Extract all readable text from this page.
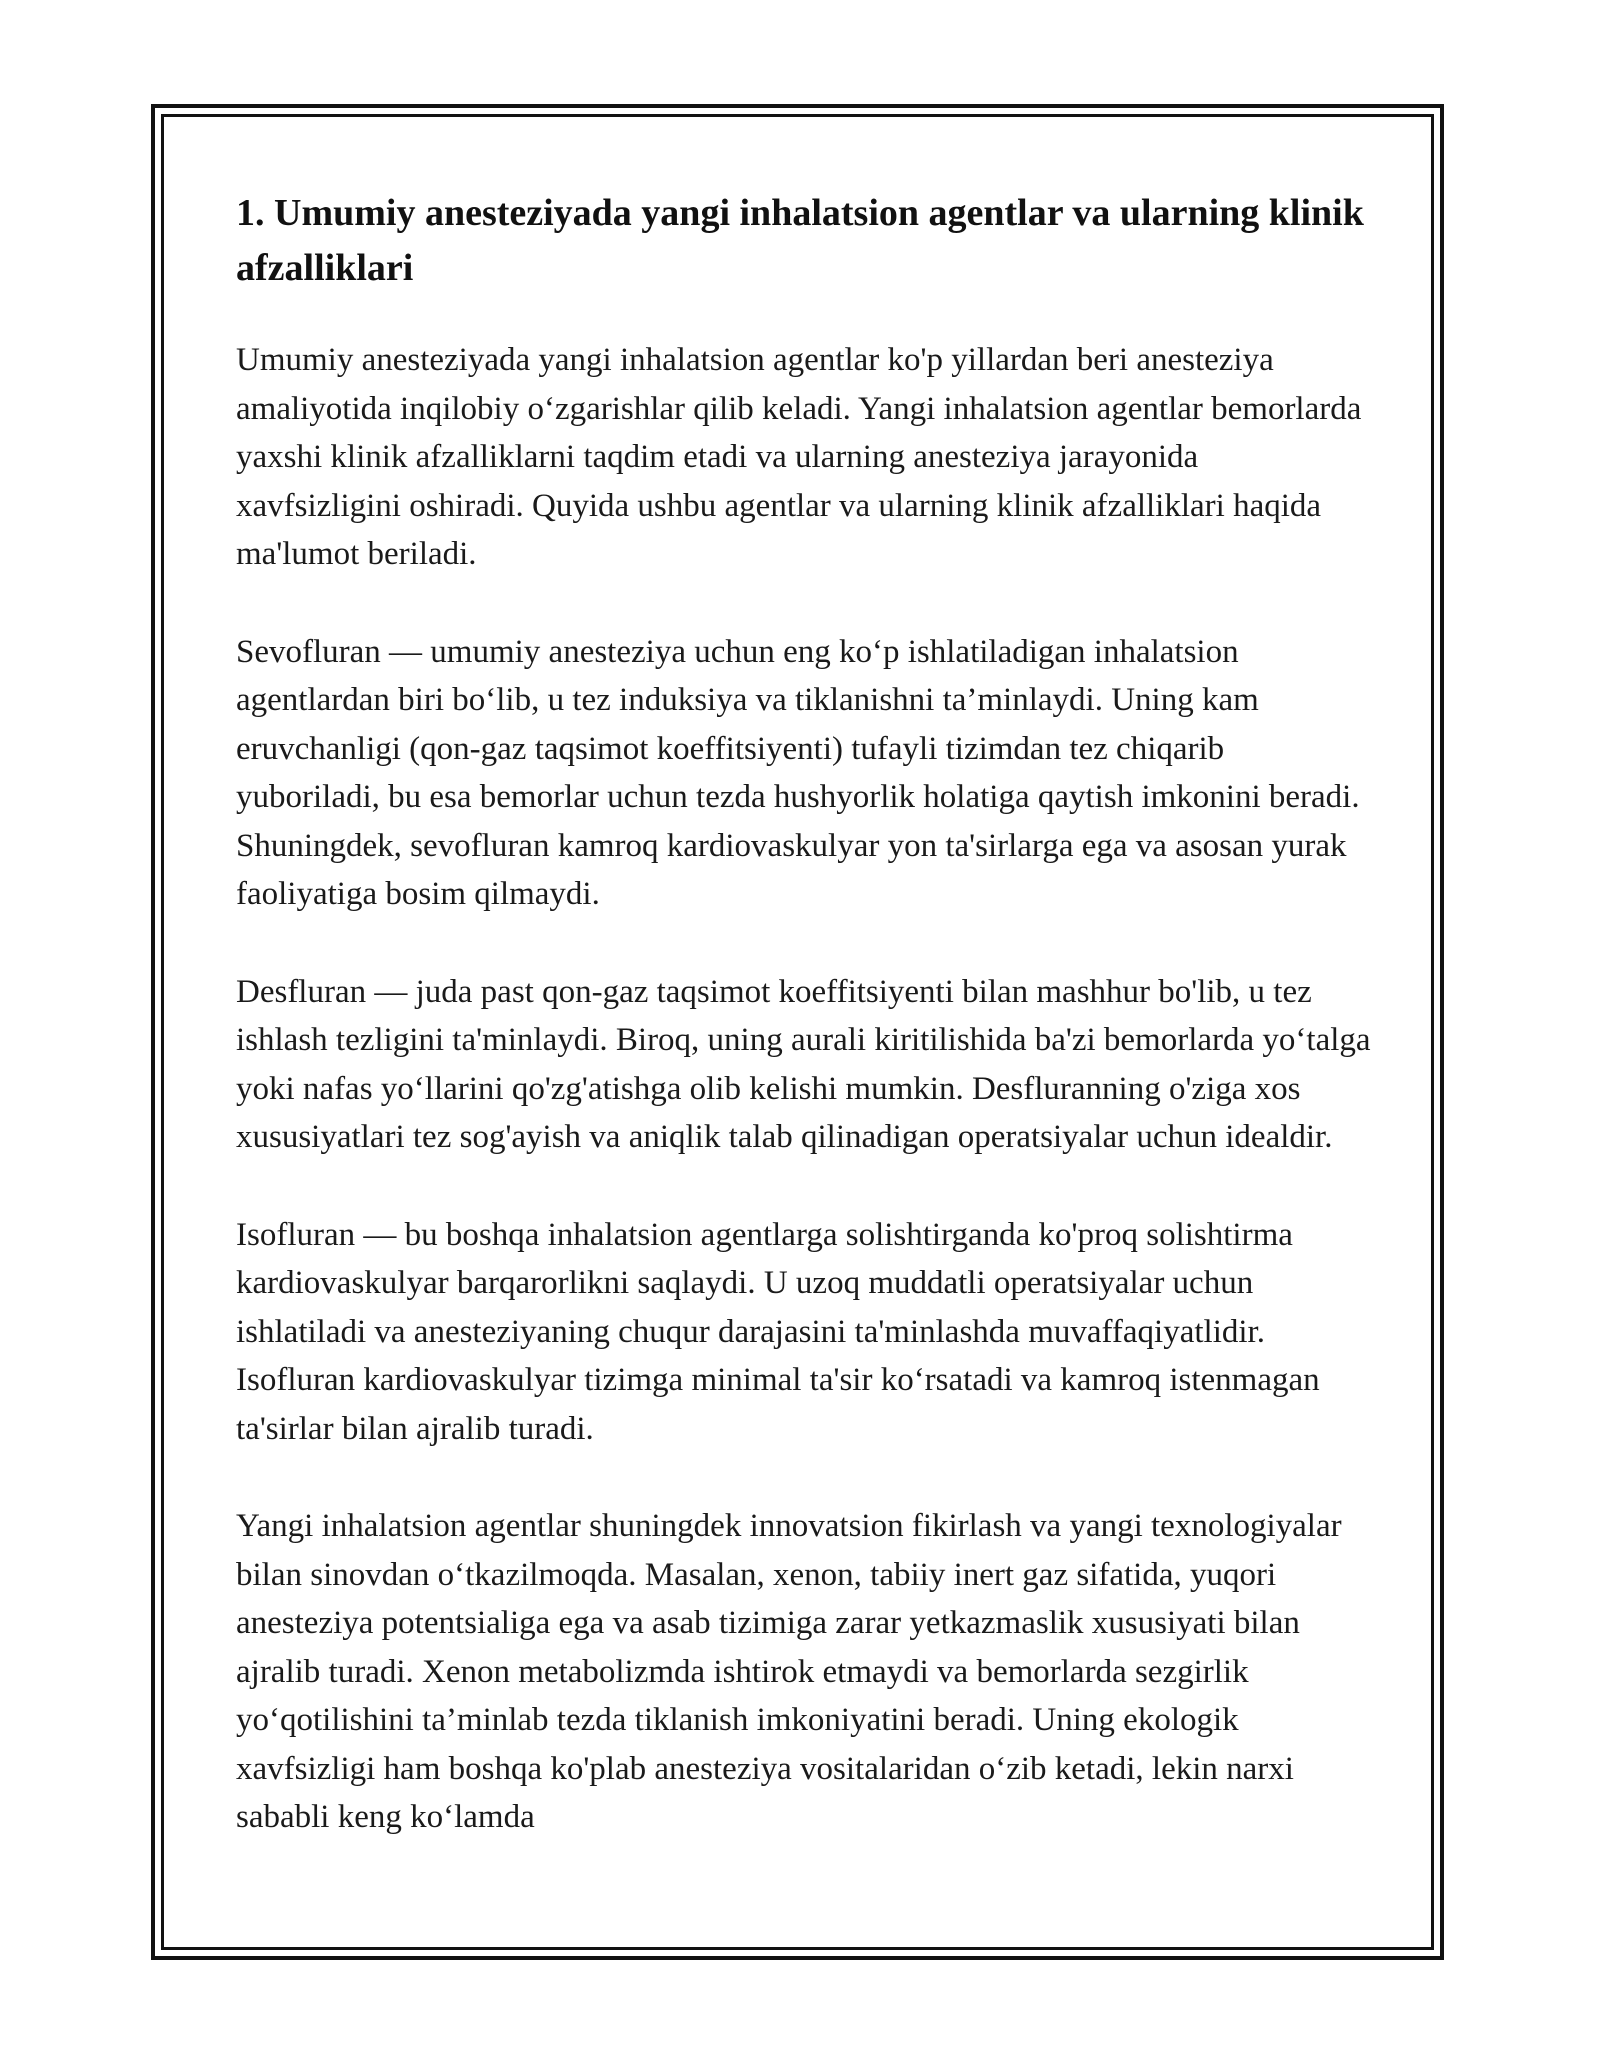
1. Umumiy anesteziyada yangi inhalatsion agentlar va ularning klinik afzalliklari

Umumiy anesteziyada yangi inhalatsion agentlar ko'p yillardan beri anesteziya amaliyotida inqilobiy o‘zgarishlar qilib keladi. Yangi inhalatsion agentlar bemorlarda yaxshi klinik afzalliklarni taqdim etadi va ularning anesteziya jarayonida xavfsizligini oshiradi. Quyida ushbu agentlar va ularning klinik afzalliklari haqida ma'lumot beriladi.

Sevofluran — umumiy anesteziya uchun eng ko‘p ishlatiladigan inhalatsion agentlardan biri bo‘lib, u tez induksiya va tiklanishni ta’minlaydi. Uning kam eruvchanligi (qon-gaz taqsimot koeffitsiyenti) tufayli tizimdan tez chiqarib yuboriladi, bu esa bemorlar uchun tezda hushyorlik holatiga qaytish imkonini beradi. Shuningdek, sevofluran kamroq kardiovaskulyar yon ta'sirlarga ega va asosan yurak faoliyatiga bosim qilmaydi.

Desfluran — juda past qon-gaz taqsimot koeffitsiyenti bilan mashhur bo'lib, u tez ishlash tezligini ta'minlaydi. Biroq, uning aurali kiritilishida ba'zi bemorlarda yo‘talga yoki nafas yo‘llarini qo'zg'atishga olib kelishi mumkin. Desfluranning o'ziga xos xususiyatlari tez sog'ayish va aniqlik talab qilinadigan operatsiyalar uchun idealdir.

Isofluran — bu boshqa inhalatsion agentlarga solishtirganda ko'proq solishtirma kardiovaskulyar barqarorlikni saqlaydi. U uzoq muddatli operatsiyalar uchun ishlatiladi va anesteziyaning chuqur darajasini ta'minlashda muvaffaqiyatlidir. Isofluran kardiovaskulyar tizimga minimal ta'sir ko‘rsatadi va kamroq istenmagan ta'sirlar bilan ajralib turadi.

Yangi inhalatsion agentlar shuningdek innovatsion fikirlash va yangi texnologiyalar bilan sinovdan o‘tkazilmoqda. Masalan, xenon, tabiiy inert gaz sifatida, yuqori anesteziya potentsialiga ega va asab tizimiga zarar yetkazmaslik xususiyati bilan ajralib turadi. Xenon metabolizmda ishtirok etmaydi va bemorlarda sezgirlik yo‘qotilishini ta’minlab tezda tiklanish imkoniyatini beradi. Uning ekologik xavfsizligi ham boshqa ko'plab anesteziya vositalaridan o‘zib ketadi, lekin narxi sababli keng ko‘lamda
